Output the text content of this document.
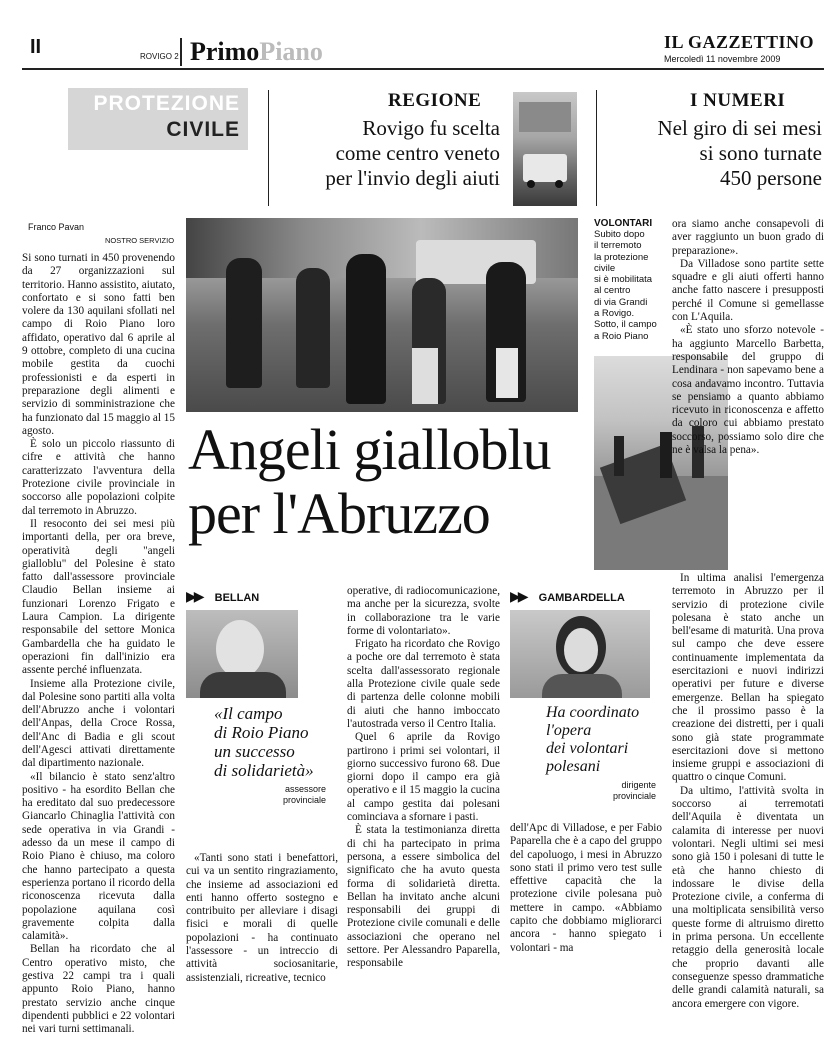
II	ROVIGO 2 PrimoPiano	IL GAZZETTINO
Mercoledì 11 novembre 2009
PROTEZIONE
CIVILE
REGIONE
Rovigo fu scelta
come centro veneto
per l'invio degli aiuti
I NUMERI
Nel giro di sei mesi
si sono turnate
450 persone
Franco Pavan
NOSTRO SERVIZIO
VOLONTARI
Subito dopo
il terremoto
la protezione
civile
si è mobilitata
al centro
di via Grandi
a Rovigo.
Sotto, il campo
a Roio Piano
Angeli gialloblu
per l'Abruzzo

Si sono turnati in 450 provenendo da 27 organizzazioni sul territorio. Hanno assistito, aiutato, confortato e si sono fatti ben volere da 130 aquilani sfollati nel campo di Roio Piano loro affidato, operativo dal 6 aprile al 9 ottobre, completo di una cucina mobile gestita da cuochi professionisti e da esperti in preparazione degli alimenti e servizio di somministrazione che ha funzionato dal 15 maggio al 15 agosto.

È solo un piccolo riassunto di cifre e attività che hanno caratterizzato l'avventura della Protezione civile provinciale in soccorso alle popolazioni colpite dal terremoto in Abruzzo.

Il resoconto dei sei mesi più importanti della, per ora breve, operatività degli "angeli gialloblu" del Polesine è stato fatto dall'assessore provinciale Claudio Bellan insieme ai funzionari Lorenzo Frigato e Laura Campion. La dirigente responsabile del settore Monica Gambardella che ha guidato le operazioni fin dall'inizio era assente perché influenzata.

Insieme alla Protezione civile, dal Polesine sono partiti alla volta dell'Abruzzo anche i volontari dell'Anpas, della Croce Rossa, dell'Anc di Badia e gli scout dell'Agesci attivati direttamente dal dipartimento nazionale.

«Il bilancio è stato senz'altro positivo - ha esordito Bellan che ha ereditato dal suo predecessore Giancarlo Chinaglia l'attività con sede operativa in via Grandi - adesso da un mese il campo di Roio Piano è chiuso, ma coloro che hanno partecipato a questa esperienza portano il ricordo della riconoscenza ricevuta dalla popolazione aquilana così gravemente colpita dalla calamità».

Bellan ha ricordato che al Centro operativo misto, che gestiva 22 campi tra i quali appunto Roio Piano, hanno prestato servizio anche cinque dipendenti pubblici e 22 volontari nei vari turni settimanali.

▶▶ BELLAN
«Il campo
di Roio Piano
un successo
di solidarietà»
assessore
provinciale

«Tanti sono stati i benefattori, cui va un sentito ringraziamento, che insieme ad associazioni ed enti hanno offerto sostegno e contribuito per alleviare i disagi fisici e morali di quelle popolazioni - ha continuato l'assessore - un intreccio di attività sociosanitarie, assistenziali, ricreative, tecnico

operative, di radiocomunicazione, ma anche per la sicurezza, svolte in collaborazione tra le varie forme di volontariato».

Frigato ha ricordato che Rovigo a poche ore dal terremoto è stata scelta dall'assessorato regionale alla Protezione civile quale sede di partenza delle colonne mobili di aiuti che hanno imboccato l'autostrada verso il Centro Italia.

Quel 6 aprile da Rovigo partirono i primi sei volontari, il giorno successivo furono 68. Due giorni dopo il campo era già operativo e il 15 maggio la cucina al campo gestita dai polesani cominciava a sfornare i pasti.

È stata la testimonianza diretta di chi ha partecipato in prima persona, a essere simbolica del significato che ha avuto questa forma di solidarietà diretta. Bellan ha invitato anche alcuni responsabili dei gruppi di Protezione civile comunali e delle associazioni che operano nel settore. Per Alessandro Paparella, responsabile

▶▶ GAMBARDELLA
Ha coordinato
l'opera
dei volontari
polesani
dirigente
provinciale

dell'Apc di Villadose, e per Fabio Paparella che è a capo del gruppo del capoluogo, i mesi in Abruzzo sono stati il primo vero test sulle effettive capacità che la protezione civile polesana può mettere in campo. «Abbiamo capito che dobbiamo migliorarci ancora - hanno spiegato i volontari - ma

ora siamo anche consapevoli di aver raggiunto un buon grado di preparazione».

Da Villadose sono partite sette squadre e gli aiuti offerti hanno anche fatto nascere i presupposti perché il Comune si gemellasse con L'Aquila.

«È stato uno sforzo notevole - ha aggiunto Marcello Barbetta, responsabile del gruppo di Lendinara - non sapevamo bene a cosa andavamo incontro. Tuttavia se pensiamo a quanto abbiamo ricevuto in riconoscenza e affetto da coloro cui abbiamo prestato soccorso, possiamo solo dire che ne è valsa la pena».

In ultima analisi l'emergenza terremoto in Abruzzo per il servizio di protezione civile polesana è stato anche un bell'esame di maturità. Una prova sul campo che deve essere continuamente implementata da esercitazioni e nuovi indirizzi operativi per future e diverse emergenze. Bellan ha spiegato che il prossimo passo è la creazione dei distretti, per i quali sono già state programmate esercitazioni dove si mettono insieme gruppi e associazioni di quattro o cinque Comuni.

Da ultimo, l'attività svolta in soccorso ai terremotati dell'Aquila è diventata un calamita di interesse per nuovi volontari. Negli ultimi sei mesi sono già 150 i polesani di tutte le età che hanno chiesto di indossare le divise della Protezione civile, a conferma di una moltiplicata sensibilità verso queste forme di altruismo diretto in prima persona. Un eccellente retaggio della generosità locale che proprio davanti alle conseguenze spesso drammatiche delle grandi calamità naturali, sa ancora emergere con vigore.
